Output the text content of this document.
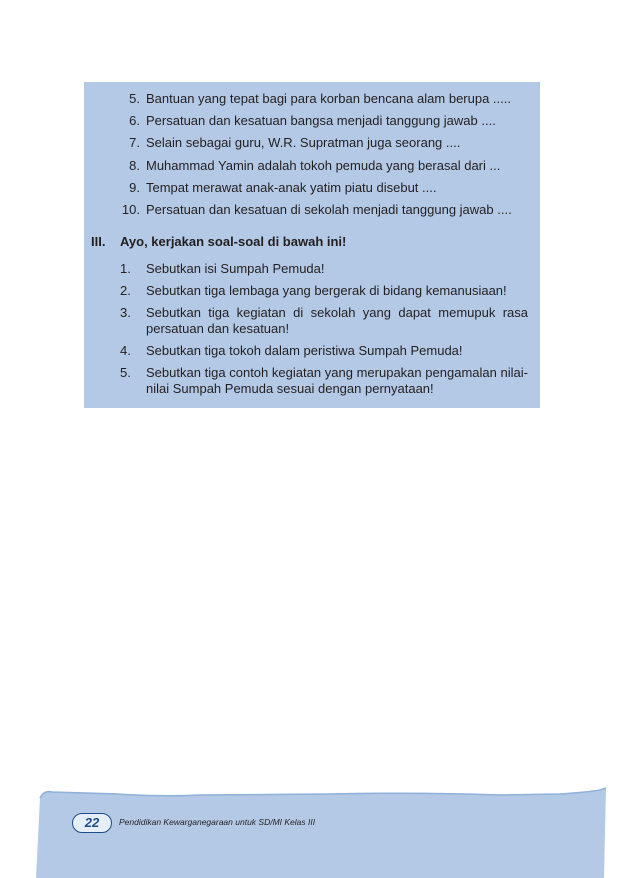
5. Bantuan yang tepat bagi para korban bencana alam berupa .....
6. Persatuan dan kesatuan bangsa menjadi tanggung jawab ....
7. Selain sebagai guru, W.R. Supratman juga seorang ....
8. Muhammad Yamin adalah tokoh pemuda yang berasal dari ...
9. Tempat merawat anak-anak yatim piatu disebut ....
10. Persatuan dan kesatuan di sekolah menjadi tanggung jawab ....
III. Ayo, kerjakan soal-soal di bawah ini!
1.	Sebutkan isi Sumpah Pemuda!
2.	Sebutkan tiga lembaga yang bergerak di bidang kemanusiaan!
3.	Sebutkan tiga kegiatan di sekolah yang dapat memupuk rasa persatuan dan kesatuan!
4.	Sebutkan tiga tokoh dalam peristiwa Sumpah Pemuda!
5.	Sebutkan tiga contoh kegiatan yang merupakan pengamalan nilai-nilai Sumpah Pemuda sesuai dengan pernyataan!
22	Pendidikan Kewarganegaraan untuk SD/MI Kelas III
